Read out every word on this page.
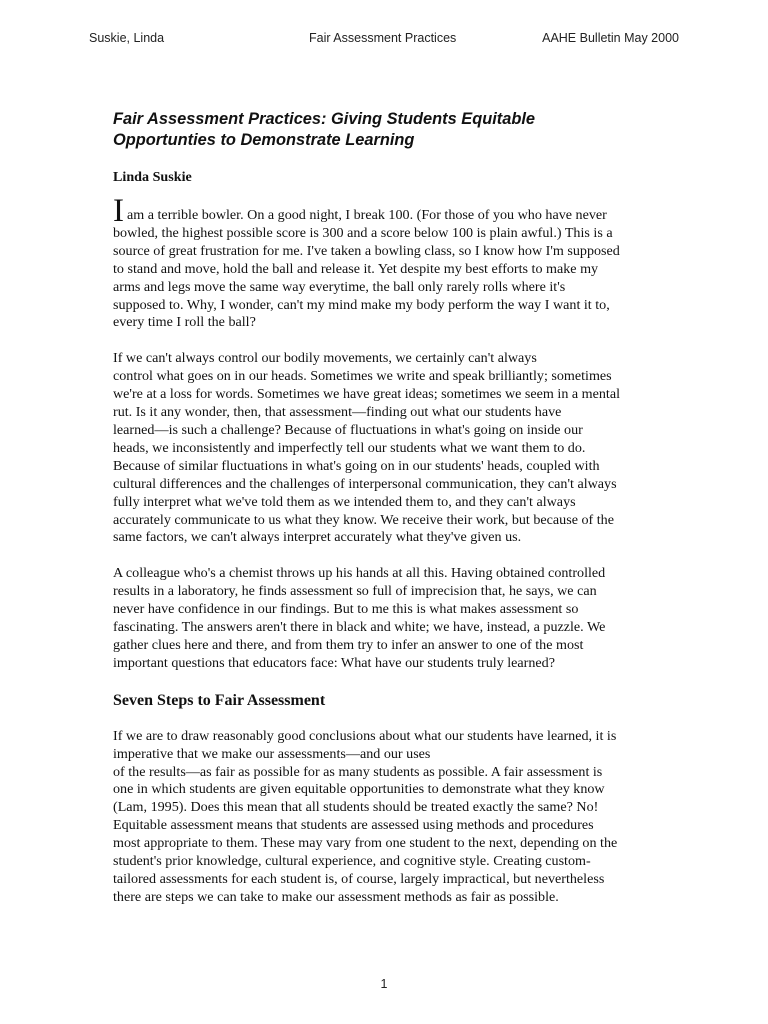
Suskie, Linda	Fair Assessment Practices	AAHE Bulletin May 2000
Fair Assessment Practices: Giving Students Equitable
Opportunties to Demonstrate Learning
Linda Suskie
Iam a terrible bowler. On a good night, I break 100. (For those of you who have never
bowled, the highest possible score is 300 and a score below 100 is plain awful.) This is a
source of great frustration for me. I've taken a bowling class, so I know how I'm supposed
to stand and move, hold the ball and release it. Yet despite my best efforts to make my
arms and legs move the same way everytime, the ball only rarely rolls where it's
supposed to. Why, I wonder, can't my mind make my body perform the way I want it to,
every time I roll the ball?
If we can't always control our bodily movements, we certainly can't always
control what goes on in our heads. Sometimes we write and speak brilliantly; sometimes
we're at a loss for words. Sometimes we have great ideas; sometimes we seem in a mental
rut. Is it any wonder, then, that assessment—finding out what our students have
learned—is such a challenge? Because of fluctuations in what's going on inside our
heads, we inconsistently and imperfectly tell our students what we want them to do.
Because of similar fluctuations in what's going on in our students' heads, coupled with
cultural differences and the challenges of interpersonal communication, they can't always
fully interpret what we've told them as we intended them to, and they can't always
accurately communicate to us what they know. We receive their work, but because of the
same factors, we can't always interpret accurately what they've given us.
A colleague who's a chemist throws up his hands at all this. Having obtained controlled
results in a laboratory, he finds assessment so full of imprecision that, he says, we can
never have confidence in our findings. But to me this is what makes assessment so
fascinating. The answers aren't there in black and white; we have, instead, a puzzle. We
gather clues here and there, and from them try to infer an answer to one of the most
important questions that educators face: What have our students truly learned?
Seven Steps to Fair Assessment
If we are to draw reasonably good conclusions about what our students have learned, it is
imperative that we make our assessments—and our uses
of the results—as fair as possible for as many students as possible. A fair assessment is
one in which students are given equitable opportunities to demonstrate what they know
(Lam, 1995). Does this mean that all students should be treated exactly the same? No!
Equitable assessment means that students are assessed using methods and procedures
most appropriate to them. These may vary from one student to the next, depending on the
student's prior knowledge, cultural experience, and cognitive style. Creating custom-
tailored assessments for each student is, of course, largely impractical, but nevertheless
there are steps we can take to make our assessment methods as fair as possible.
1
